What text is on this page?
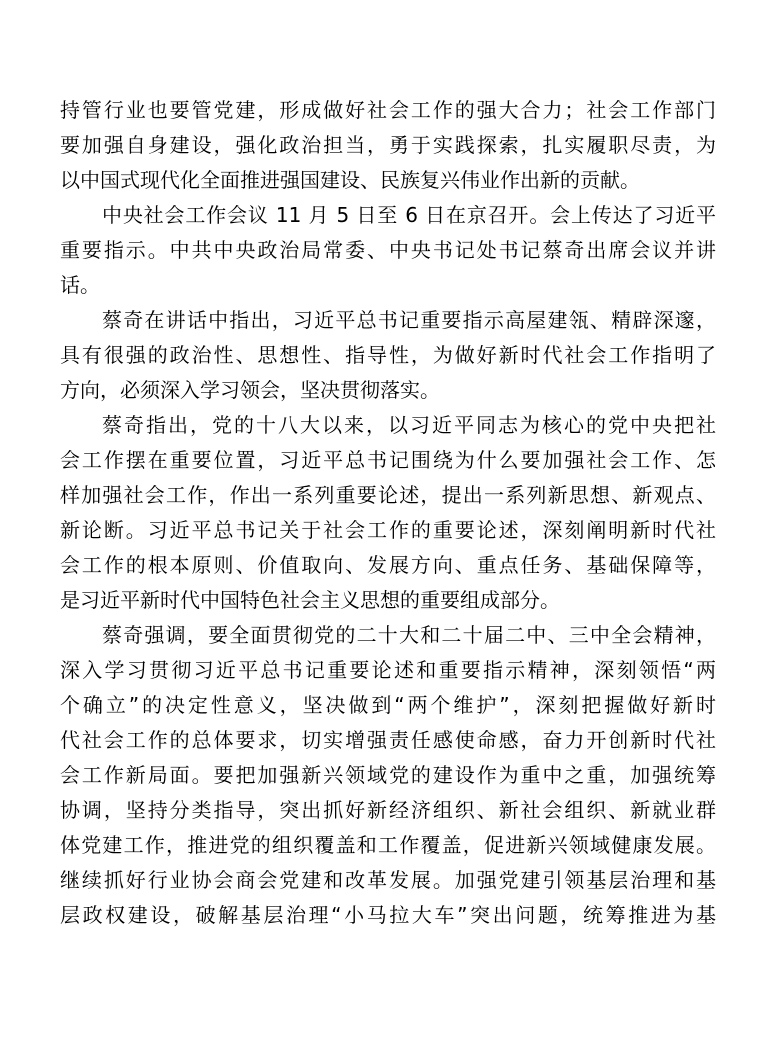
持管行业也要管党建，形成做好社会工作的强大合力；社会工作部门
要加强自身建设，强化政治担当，勇于实践探索，扎实履职尽责，为
以中国式现代化全面推进强国建设、民族复兴伟业作出新的贡献。
中央社会工作会议 11 月 5 日至 6 日在京召开。会上传达了习近平
重要指示。中共中央政治局常委、中央书记处书记蔡奇出席会议并讲
话。
蔡奇在讲话中指出，习近平总书记重要指示高屋建瓴、精辟深邃，
具有很强的政治性、思想性、指导性，为做好新时代社会工作指明了
方向，必须深入学习领会，坚决贯彻落实。
蔡奇指出，党的十八大以来，以习近平同志为核心的党中央把社
会工作摆在重要位置，习近平总书记围绕为什么要加强社会工作、怎
样加强社会工作，作出一系列重要论述，提出一系列新思想、新观点、
新论断。习近平总书记关于社会工作的重要论述，深刻阐明新时代社
会工作的根本原则、价值取向、发展方向、重点任务、基础保障等，
是习近平新时代中国特色社会主义思想的重要组成部分。
蔡奇强调，要全面贯彻党的二十大和二十届二中、三中全会精神，
深入学习贯彻习近平总书记重要论述和重要指示精神，深刻领悟“两
个确立”的决定性意义，坚决做到“两个维护”，深刻把握做好新时
代社会工作的总体要求，切实增强责任感使命感，奋力开创新时代社
会工作新局面。要把加强新兴领域党的建设作为重中之重，加强统筹
协调，坚持分类指导，突出抓好新经济组织、新社会组织、新就业群
体党建工作，推进党的组织覆盖和工作覆盖，促进新兴领域健康发展。
继续抓好行业协会商会党建和改革发展。加强党建引领基层治理和基
层政权建设，破解基层治理“小马拉大车”突出问题，统筹推进为基
